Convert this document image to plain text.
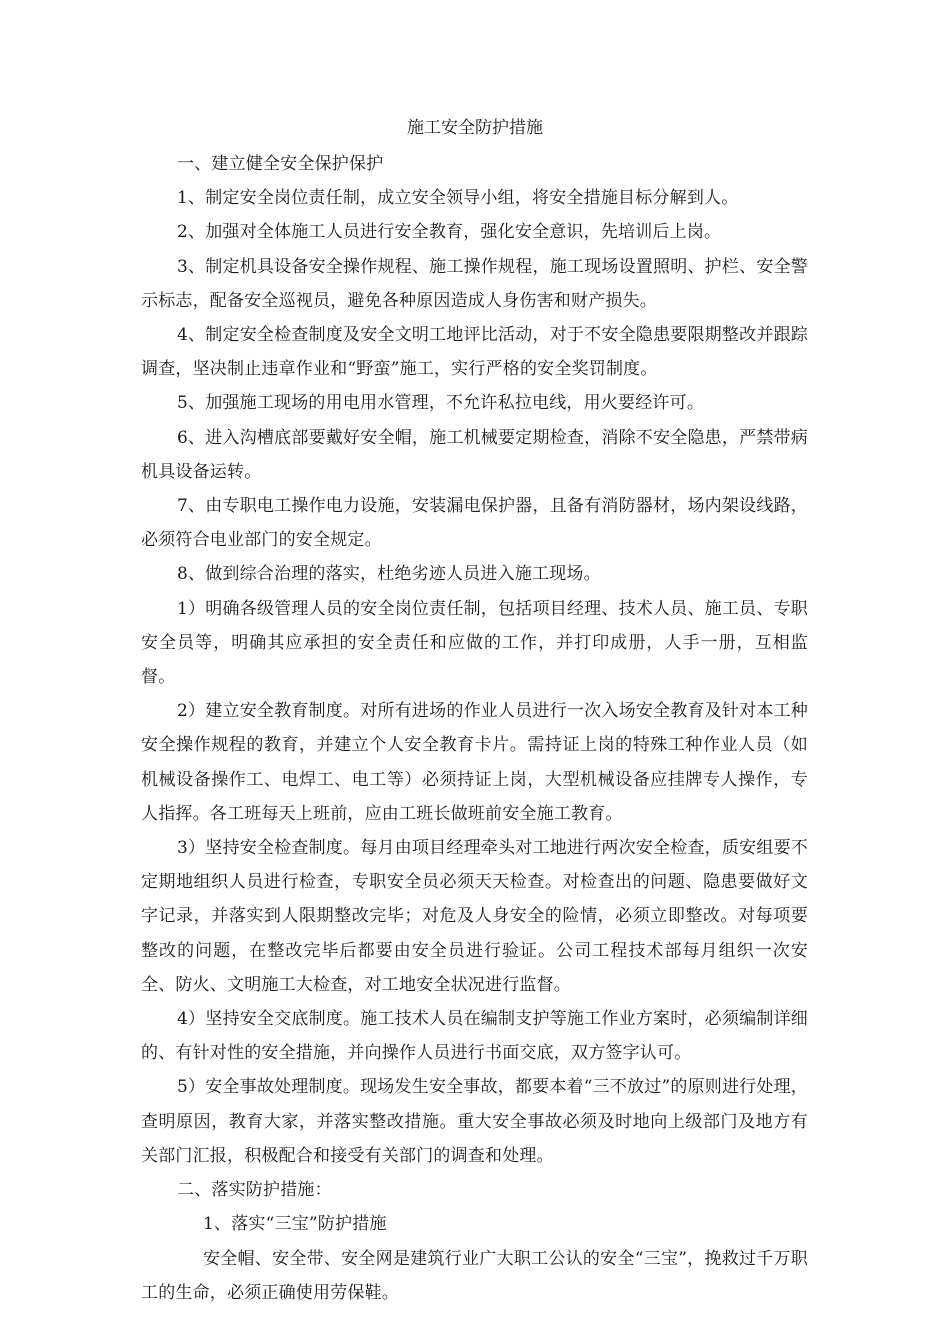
施工安全防护措施

一、建立健全安全保护保护

1、制定安全岗位责任制，成立安全领导小组，将安全措施目标分解到人。

2、加强对全体施工人员进行安全教育，强化安全意识，先培训后上岗。

3、制定机具设备安全操作规程、施工操作规程，施工现场设置照明、护栏、安全警示标志，配备安全巡视员，避免各种原因造成人身伤害和财产损失。

4、制定安全检查制度及安全文明工地评比活动，对于不安全隐患要限期整改并跟踪调查，坚决制止违章作业和“野蛮”施工，实行严格的安全奖罚制度。

5、加强施工现场的用电用水管理，不允许私拉电线，用火要经许可。

6、进入沟槽底部要戴好安全帽，施工机械要定期检查，消除不安全隐患，严禁带病机具设备运转。

7、由专职电工操作电力设施，安装漏电保护器，且备有消防器材，场内架设线路，必须符合电业部门的安全规定。

8、做到综合治理的落实，杜绝劣迹人员进入施工现场。

1）明确各级管理人员的安全岗位责任制，包括项目经理、技术人员、施工员、专职安全员等，明确其应承担的安全责任和应做的工作，并打印成册，人手一册，互相监督。

2）建立安全教育制度。对所有进场的作业人员进行一次入场安全教育及针对本工种安全操作规程的教育，并建立个人安全教育卡片。需持证上岗的特殊工种作业人员（如机械设备操作工、电焊工、电工等）必须持证上岗，大型机械设备应挂牌专人操作，专人指挥。各工班每天上班前，应由工班长做班前安全施工教育。

3）坚持安全检查制度。每月由项目经理牵头对工地进行两次安全检查，质安组要不定期地组织人员进行检查，专职安全员必须天天检查。对检查出的问题、隐患要做好文字记录，并落实到人限期整改完毕；对危及人身安全的险情，必须立即整改。对每项要整改的问题，在整改完毕后都要由安全员进行验证。公司工程技术部每月组织一次安全、防火、文明施工大检查，对工地安全状况进行监督。

4）坚持安全交底制度。施工技术人员在编制支护等施工作业方案时，必须编制详细的、有针对性的安全措施，并向操作人员进行书面交底，双方签字认可。

5）安全事故处理制度。现场发生安全事故，都要本着“三不放过”的原则进行处理，查明原因，教育大家，并落实整改措施。重大安全事故必须及时地向上级部门及地方有关部门汇报，积极配合和接受有关部门的调查和处理。

二、落实防护措施：

1、落实“三宝”防护措施

安全帽、安全带、安全网是建筑行业广大职工公认的安全“三宝”，挽救过千万职工的生命，必须正确使用劳保鞋。
